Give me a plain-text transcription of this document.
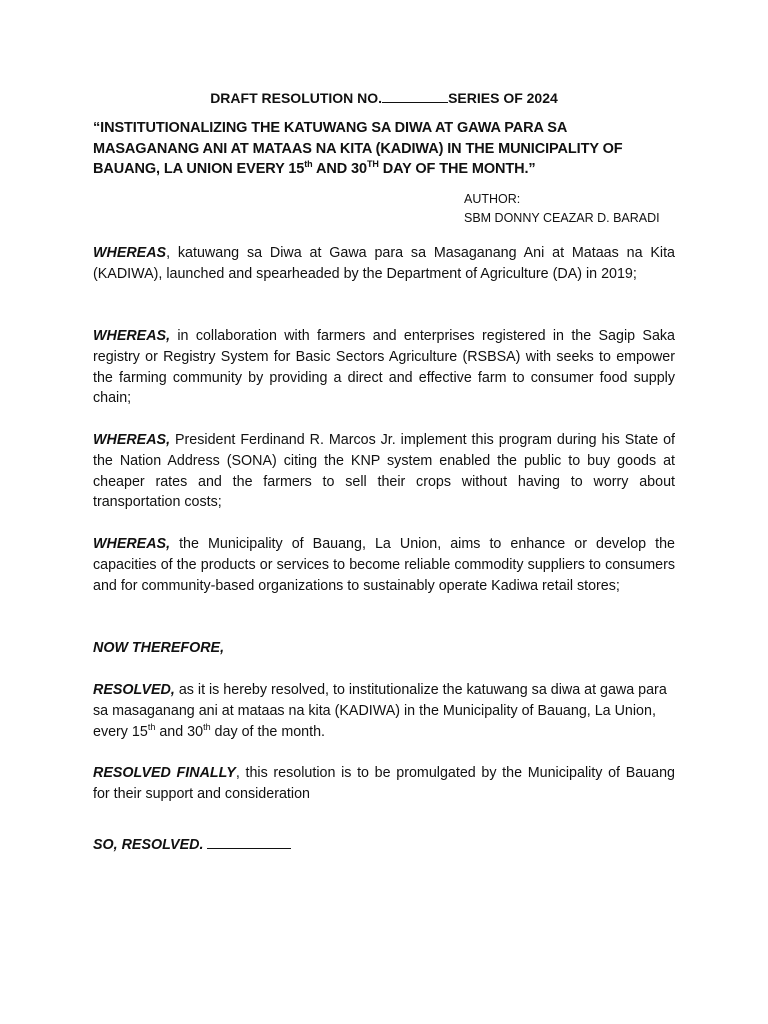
DRAFT RESOLUTION NO.	SERIES OF 2024
“INSTITUTIONALIZING THE KATUWANG SA DIWA AT GAWA PARA SA MASAGANANG ANI AT MATAAS NA KITA (KADIWA) IN THE MUNICIPALITY OF BAUANG, LA UNION EVERY 15th AND 30TH DAY OF THE MONTH.”
AUTHOR:
SBM DONNY CEAZAR D. BARADI
WHEREAS, katuwang sa Diwa at Gawa para sa Masaganang Ani at Mataas na Kita (KADIWA), launched and spearheaded by the Department of Agriculture (DA) in 2019;
WHEREAS, in collaboration with farmers and enterprises registered in the Sagip Saka registry or Registry System for Basic Sectors Agriculture (RSBSA) with seeks to empower the farming community by providing a direct and effective farm to consumer food supply chain;
WHEREAS, President Ferdinand R. Marcos Jr. implement this program during his State of the Nation Address (SONA) citing the KNP system enabled the public to buy goods at cheaper rates and the farmers to sell their crops without having to worry about transportation costs;
WHEREAS, the Municipality of Bauang, La Union, aims to enhance or develop the capacities of the products or services to become reliable commodity suppliers to consumers and for community-based organizations to sustainably operate Kadiwa retail stores;
NOW THEREFORE,
RESOLVED, as it is hereby resolved, to institutionalize the katuwang sa diwa at gawa para sa masaganang ani at mataas na kita (KADIWA) in the Municipality of Bauang, La Union, every 15th and 30th day of the month.
RESOLVED FINALLY, this resolution is to be promulgated by the Municipality of Bauang for their support and consideration
SO, RESOLVED.
